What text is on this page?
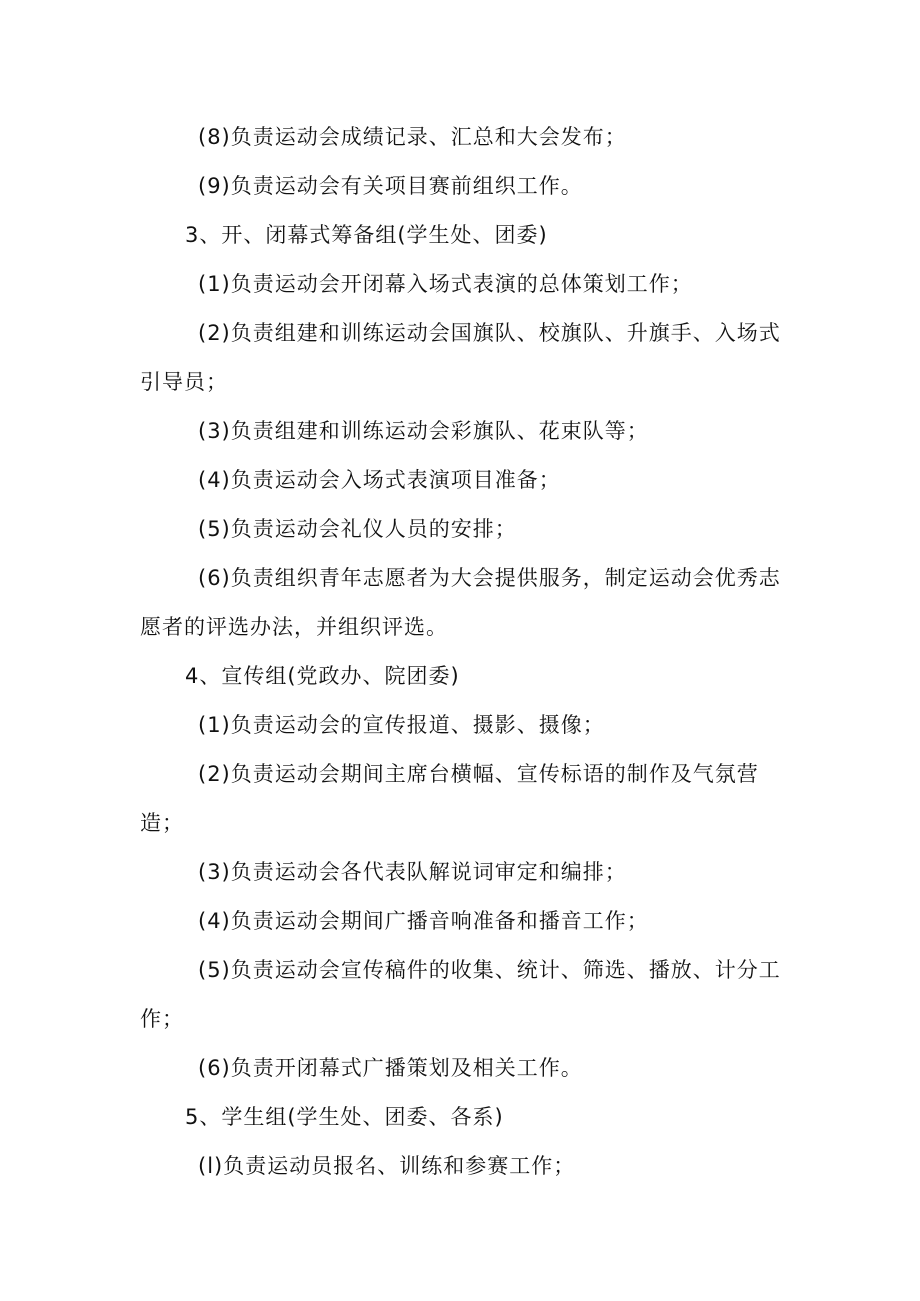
(8)负责运动会成绩记录、汇总和大会发布；

(9)负责运动会有关项目赛前组织工作。

3、开、闭幕式筹备组(学生处、团委)

(1)负责运动会开闭幕入场式表演的总体策划工作；

(2)负责组建和训练运动会国旗队、校旗队、升旗手、入场式引导员；

(3)负责组建和训练运动会彩旗队、花束队等；

(4)负责运动会入场式表演项目准备；

(5)负责运动会礼仪人员的安排；

(6)负责组织青年志愿者为大会提供服务，制定运动会优秀志愿者的评选办法，并组织评选。

4、宣传组(党政办、院团委)

(1)负责运动会的宣传报道、摄影、摄像；

(2)负责运动会期间主席台横幅、宣传标语的制作及气氛营造；

(3)负责运动会各代表队解说词审定和编排；

(4)负责运动会期间广播音响准备和播音工作；

(5)负责运动会宣传稿件的收集、统计、筛选、播放、计分工作；

(6)负责开闭幕式广播策划及相关工作。

5、学生组(学生处、团委、各系)

(l)负责运动员报名、训练和参赛工作；
